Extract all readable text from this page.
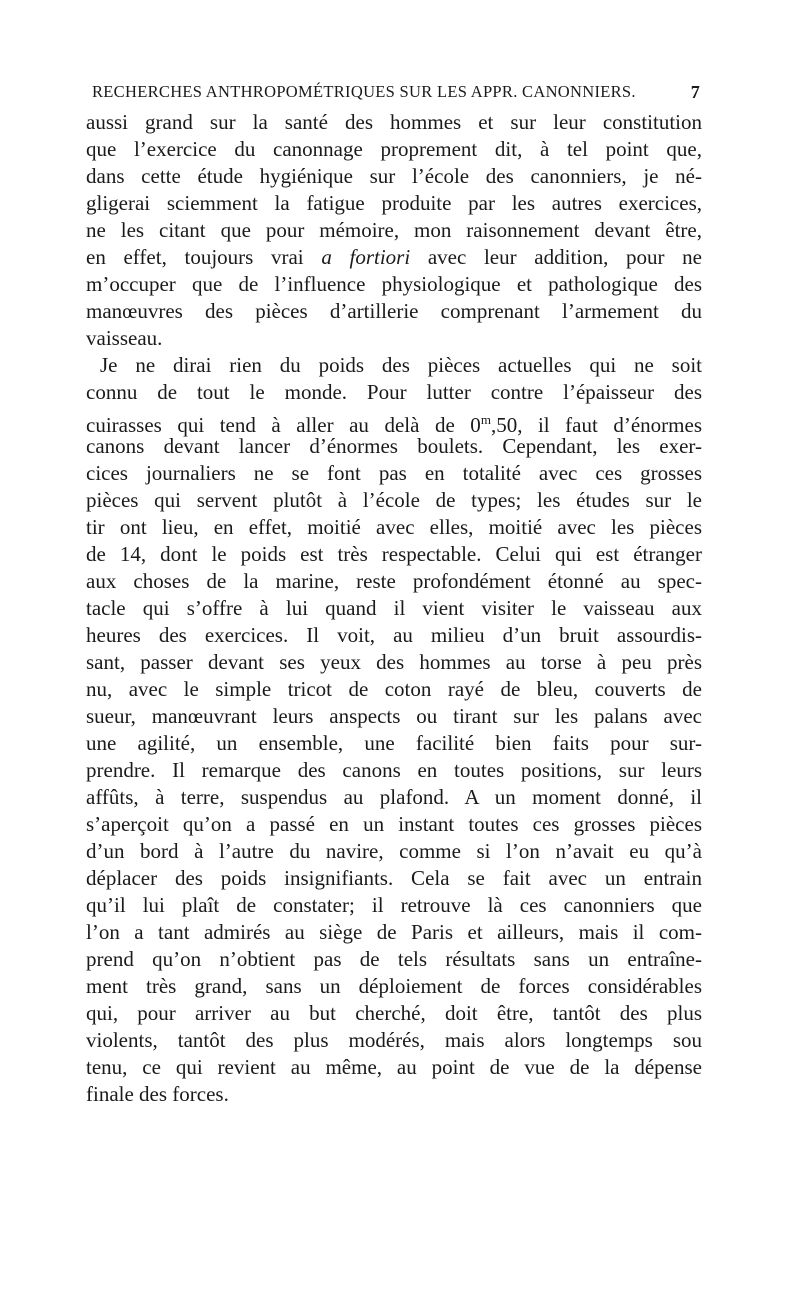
RECHERCHES ANTHROPOMÉTRIQUES SUR LES APPR. CANONNIERS.	7
aussi grand sur la santé des hommes et sur leur constitution
que l’exercice du canonnage proprement dit, à tel point que,
dans cette étude hygiénique sur l’école des canonniers, je né-
gligerai sciemment la fatigue produite par les autres exercices,
ne les citant que pour mémoire, mon raisonnement devant être,
en effet, toujours vrai a fortiori avec leur addition, pour ne
m’occuper que de l’influence physiologique et pathologique des
manœuvres des pièces d’artillerie comprenant l’armement du
vaisseau.
Je ne dirai rien du poids des pièces actuelles qui ne soit
connu de tout le monde. Pour lutter contre l’épaisseur des
cuirasses qui tend à aller au delà de 0$^m$,50, il faut d’énormes
canons devant lancer d’énormes boulets. Cependant, les exer-
cices journaliers ne se font pas en totalité avec ces grosses
pièces qui servent plutôt à l’école de types; les études sur le
tir ont lieu, en effet, moitié avec elles, moitié avec les pièces
de 14, dont le poids est très respectable. Celui qui est étranger
aux choses de la marine, reste profondément étonné au spec-
tacle qui s’offre à lui quand il vient visiter le vaisseau aux
heures des exercices. Il voit, au milieu d’un bruit assourdis-
sant, passer devant ses yeux des hommes au torse à peu près
nu, avec le simple tricot de coton rayé de bleu, couverts de
sueur, manœuvrant leurs anspects ou tirant sur les palans avec
une agilité, un ensemble, une facilité bien faits pour sur-
prendre. Il remarque des canons en toutes positions, sur leurs
affûts, à terre, suspendus au plafond. A un moment donné, il
s’aperçoit qu’on a passé en un instant toutes ces grosses pièces
d’un bord à l’autre du navire, comme si l’on n’avait eu qu’à
déplacer des poids insignifiants. Cela se fait avec un entrain
qu’il lui plaît de constater; il retrouve là ces canonniers que
l’on a tant admirés au siège de Paris et ailleurs, mais il com-
prend qu’on n’obtient pas de tels résultats sans un entraîne-
ment très grand, sans un déploiement de forces considérables
qui, pour arriver au but cherché, doit être, tantôt des plus
violents, tantôt des plus modérés, mais alors longtemps sou
tenu, ce qui revient au même, au point de vue de la dépense
finale des forces.
